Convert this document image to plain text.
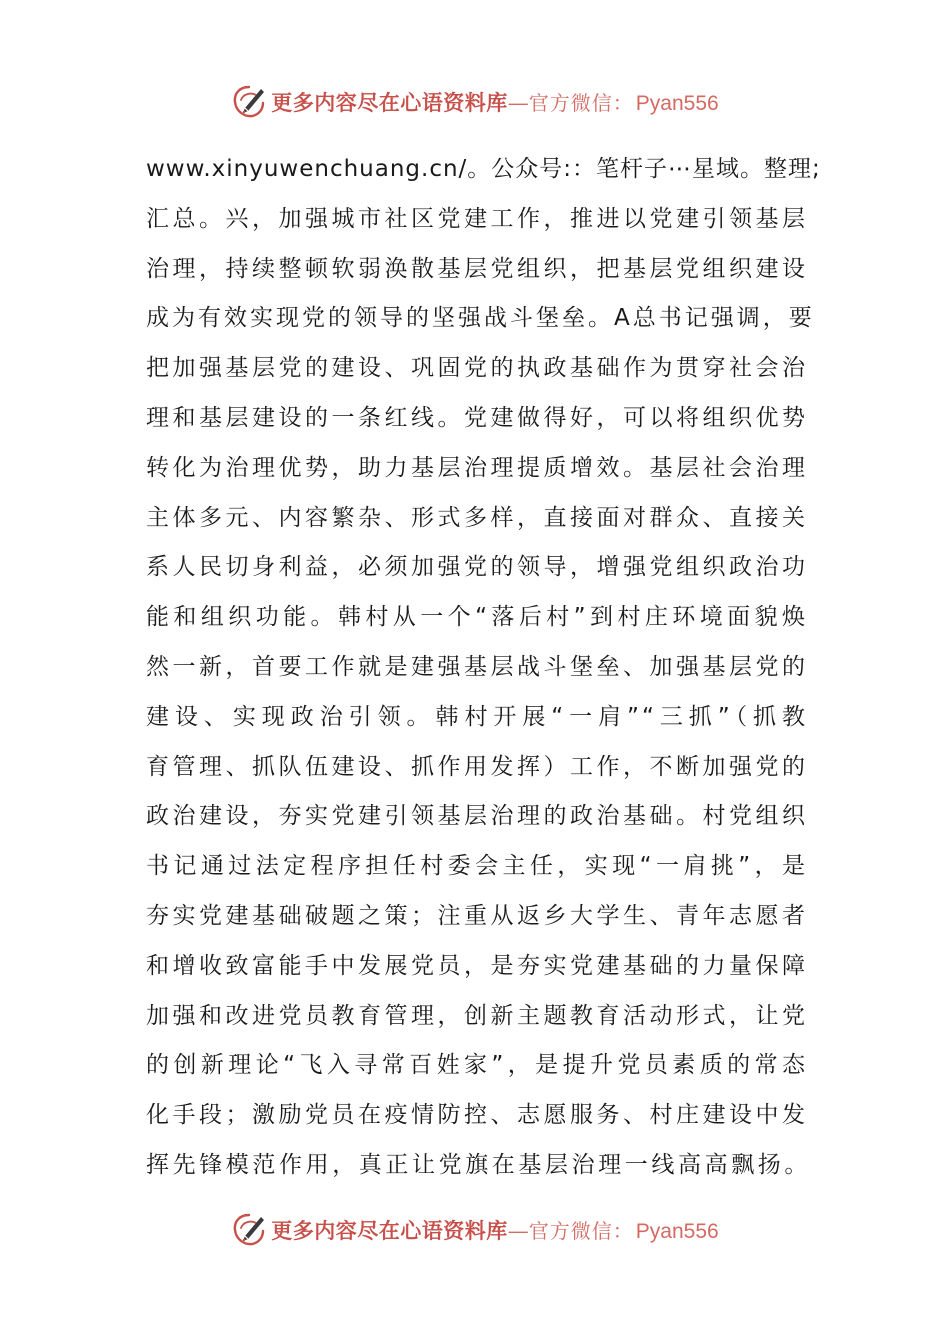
更多内容尽在心语资料库 — 官方微信： Pyan556
www.xinyuwenchuang.cn/。公众号:：笔杆子⋯星域。整理;
汇总。兴，加强城市社区党建工作，推进以党建引领基层
治理，持续整顿软弱涣散基层党组织，把基层党组织建设
成为有效实现党的领导的坚强战斗堡垒。A总书记强调，要
把加强基层党的建设、巩固党的执政基础作为贯穿社会治
理和基层建设的一条红线。党建做得好，可以将组织优势
转化为治理优势，助力基层治理提质增效。基层社会治理
主体多元、内容繁杂、形式多样，直接面对群众、直接关
系人民切身利益，必须加强党的领导，增强党组织政治功
能和组织功能。韩村从一个“落后村”到村庄环境面貌焕
然一新，首要工作就是建强基层战斗堡垒、加强基层党的
建设、实现政治引领。韩村开展“一肩”“三抓”（抓教
育管理、抓队伍建设、抓作用发挥）工作，不断加强党的
政治建设，夯实党建引领基层治理的政治基础。村党组织
书记通过法定程序担任村委会主任，实现“一肩挑”，是
夯实党建基础破题之策；注重从返乡大学生、青年志愿者
和增收致富能手中发展党员，是夯实党建基础的力量保障
加强和改进党员教育管理，创新主题教育活动形式，让党
的创新理论“飞入寻常百姓家”，是提升党员素质的常态
化手段；激励党员在疫情防控、志愿服务、村庄建设中发
挥先锋模范作用，真正让党旗在基层治理一线高高飘扬。
更多内容尽在心语资料库 — 官方微信： Pyan556
